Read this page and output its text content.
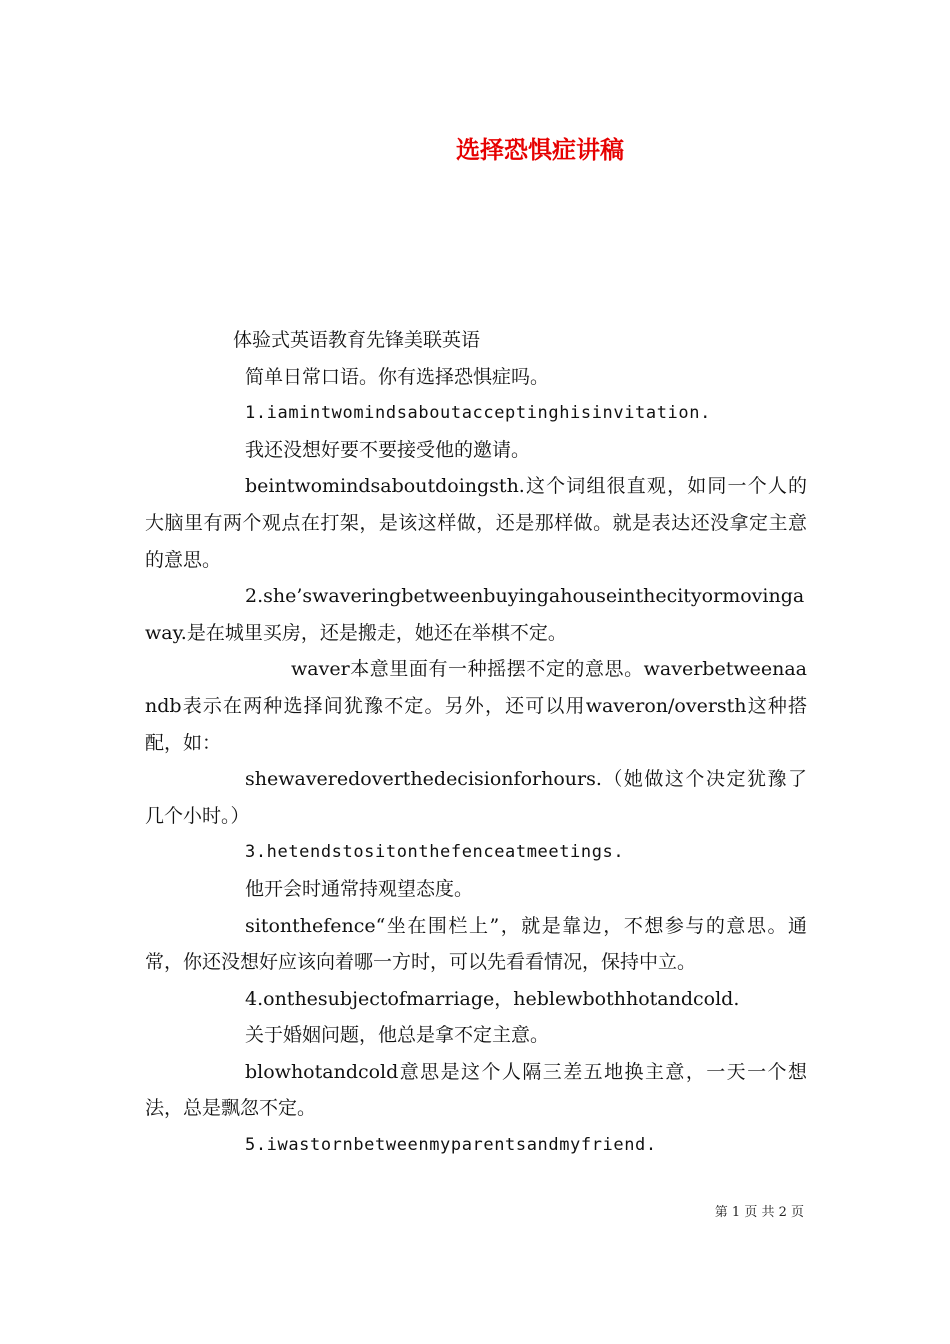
选择恐惧症讲稿

体验式英语教育先锋美联英语

简单日常口语。你有选择恐惧症吗。

1.iamintwomindsaboutacceptinghisinvitation.

我还没想好要不要接受他的邀请。

beintwomindsaboutdoingsth.这个词组很直观，如同一个人的大脑里有两个观点在打架，是该这样做，还是那样做。就是表达还没拿定主意的意思。

2.she’swaveringbetweenbuyingahouseinthecityormovingaway.是在城里买房，还是搬走，她还在举棋不定。

waver本意里面有一种摇摆不定的意思。waverbetweenaandb表示在两种选择间犹豫不定。另外，还可以用waveron/oversth这种搭配，如：

shewaveredoverthedecisionforhours.（她做这个决定犹豫了几个小时。）

3.hetendstositonthefenceatmeetings.

他开会时通常持观望态度。

sitonthefence“坐在围栏上”，就是靠边，不想参与的意思。通常，你还没想好应该向着哪一方时，可以先看看情况，保持中立。

4.onthesubjectofmarriage，heblewbothhotandcold.

关于婚姻问题，他总是拿不定主意。

blowhotandcold意思是这个人隔三差五地换主意，一天一个想法，总是飘忽不定。

5.iwastornbetweenmyparentsandmyfriend.

第 1 页 共 2 页
